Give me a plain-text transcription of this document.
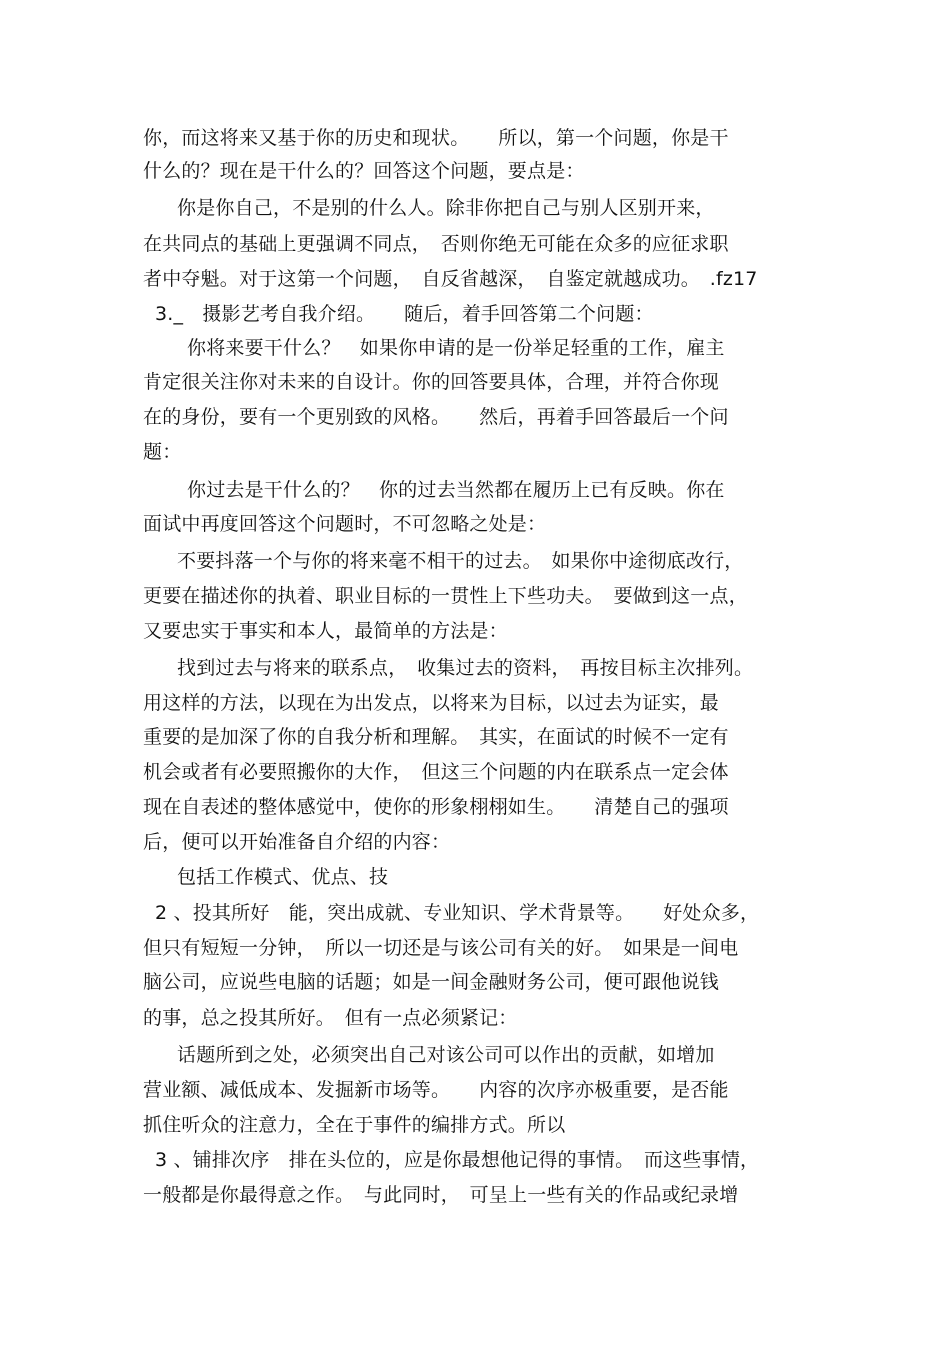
你，而这将来又基于你的历史和现状。　　所以，第一个问题，你是干
什么的？现在是干什么的？回答这个问题，要点是：
你是你自己，不是别的什么人。除非你把自己与别人区别开来，
在共同点的基础上更强调不同点，　否则你绝无可能在众多的应征求职
者中夺魁。对于这第一个问题，　自反省越深，　自鉴定就越成功。　.fz17
3._　摄影艺考自我介绍。　　随后，着手回答第二个问题：
你将来要干什么？　如果你申请的是一份举足轻重的工作，雇主
肯定很关注你对未来的自设计。你的回答要具体，合理，并符合你现
在的身份，要有一个更别致的风格。　　然后，再着手回答最后一个问
题：
你过去是干什么的？　你的过去当然都在履历上已有反映。你在
面试中再度回答这个问题时，不可忽略之处是：
不要抖落一个与你的将来毫不相干的过去。　如果你中途彻底改行，
更要在描述你的执着、职业目标的一贯性上下些功夫。　要做到这一点，
又要忠实于事实和本人，最简单的方法是：
找到过去与将来的联系点，　收集过去的资料，　再按目标主次排列。
用这样的方法，以现在为出发点，以将来为目标，以过去为证实，最
重要的是加深了你的自我分析和理解。　其实，在面试的时候不一定有
机会或者有必要照搬你的大作，　但这三个问题的内在联系点一定会体
现在自表述的整体感觉中，使你的形象栩栩如生。　　清楚自己的强项
后，便可以开始准备自介绍的内容：
包括工作模式、优点、技
2 、投其所好　能，突出成就、专业知识、学术背景等。　　好处众多，
但只有短短一分钟，　所以一切还是与该公司有关的好。　如果是一间电
脑公司，应说些电脑的话题；如是一间金融财务公司，便可跟他说钱
的事，总之投其所好。　但有一点必须紧记：
话题所到之处，必须突出自己对该公司可以作出的贡献，如增加
营业额、减低成本、发掘新市场等。　　内容的次序亦极重要，是否能
抓住听众的注意力，全在于事件的编排方式。所以
3 、铺排次序　排在头位的，应是你最想他记得的事情。　而这些事情，
一般都是你最得意之作。　与此同时，　可呈上一些有关的作品或纪录增
